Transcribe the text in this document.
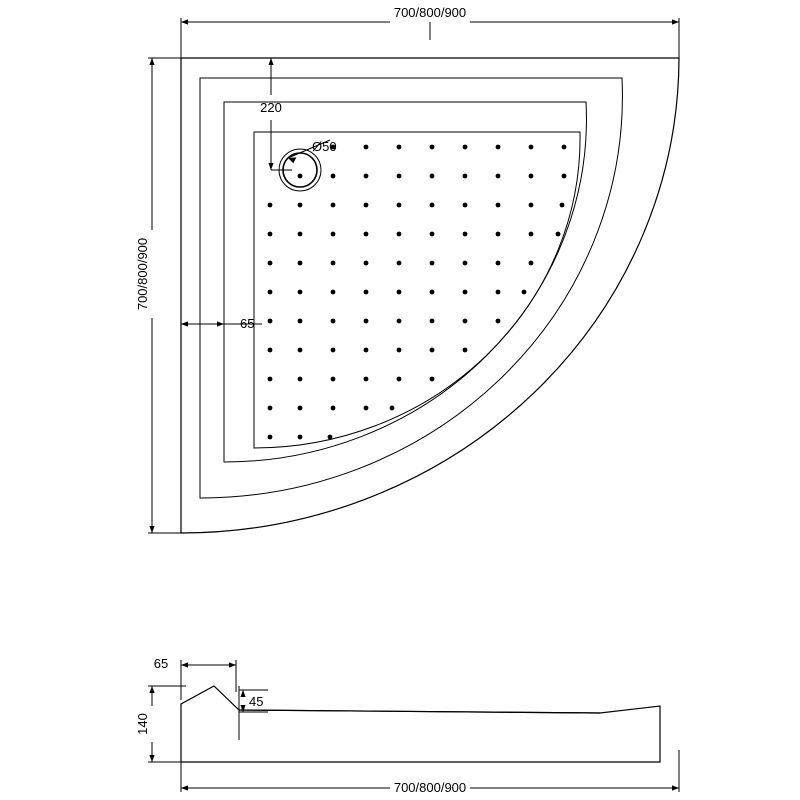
700/800/900
700/800/900
Ø50
220
65
65
45
140
700/800/900
